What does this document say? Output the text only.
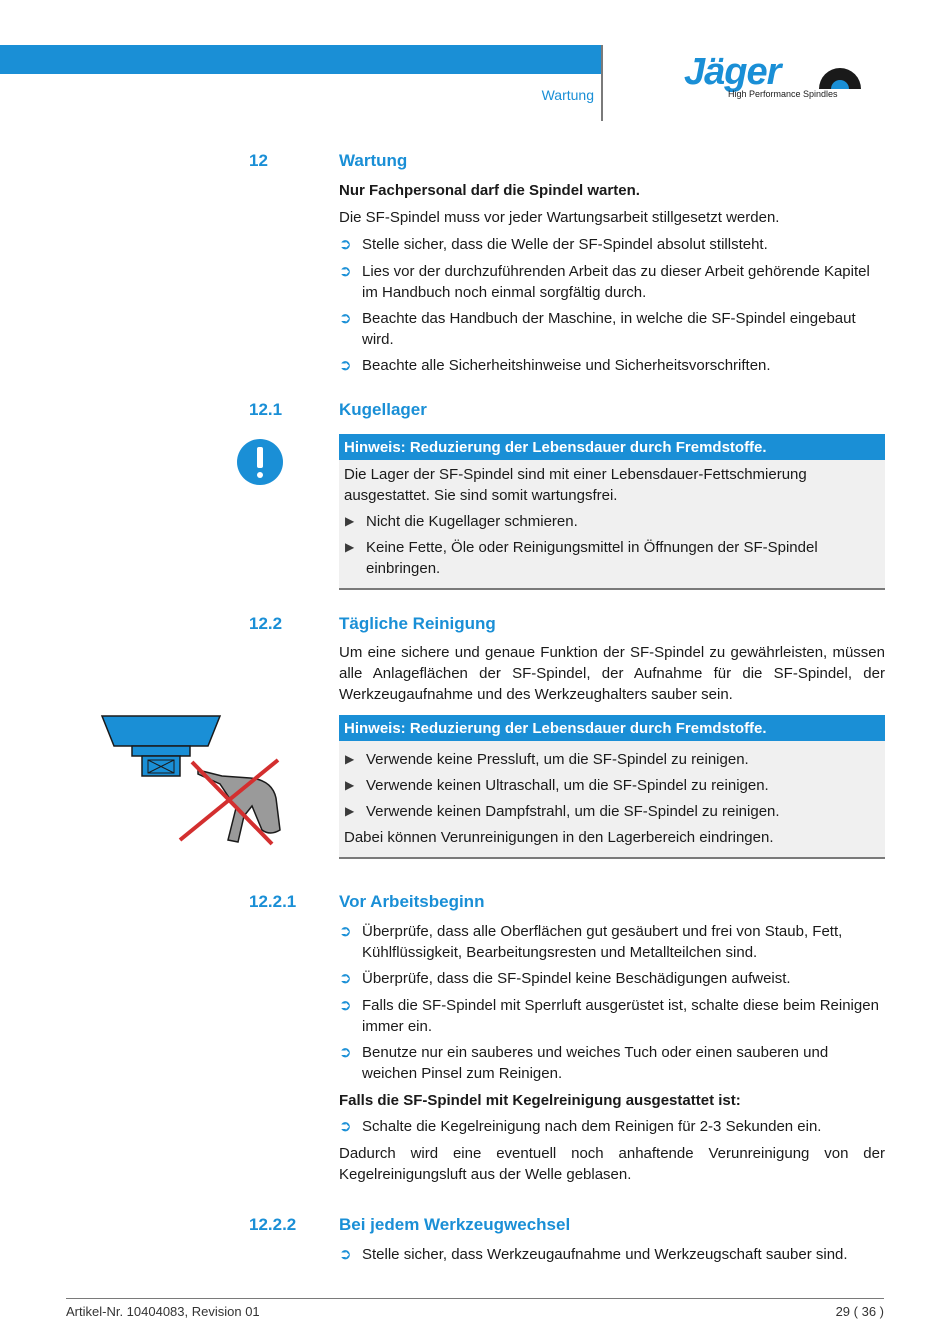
Wartung
Jäger
High Performance Spindles
12	Wartung
Nur Fachpersonal darf die Spindel warten.
Die SF-Spindel muss vor jeder Wartungsarbeit stillgesetzt werden.
➲ Stelle sicher, dass die Welle der SF-Spindel absolut stillsteht.
➲ Lies vor der durchzuführenden Arbeit das zu dieser Arbeit gehörende Kapitel im Handbuch noch einmal sorgfältig durch.
➲ Beachte das Handbuch der Maschine, in welche die SF-Spindel eingebaut wird.
➲ Beachte alle Sicherheitshinweise und Sicherheitsvorschriften.
12.1	Kugellager
Hinweis: Reduzierung der Lebensdauer durch Fremdstoffe.
Die Lager der SF-Spindel sind mit einer Lebensdauer-Fettschmierung ausgestattet. Sie sind somit wartungsfrei.
▶ Nicht die Kugellager schmieren.
▶ Keine Fette, Öle oder Reinigungsmittel in Öffnungen der SF-Spindel einbringen.
12.2	Tägliche Reinigung
Um eine sichere und genaue Funktion der SF-Spindel zu gewährleisten, müssen alle Anlageflächen der SF-Spindel, der Aufnahme für die SF-Spindel, der Werkzeugaufnahme und des Werkzeughalters sauber sein.
Hinweis: Reduzierung der Lebensdauer durch Fremdstoffe.
▶ Verwende keine Pressluft, um die SF-Spindel zu reinigen.
▶ Verwende keinen Ultraschall, um die SF-Spindel zu reinigen.
▶ Verwende keinen Dampfstrahl, um die SF-Spindel zu reinigen.
Dabei können Verunreinigungen in den Lagerbereich eindringen.
12.2.1	Vor Arbeitsbeginn
➲ Überprüfe, dass alle Oberflächen gut gesäubert und frei von Staub, Fett, Kühlflüssigkeit, Bearbeitungsresten und Metallteilchen sind.
➲ Überprüfe, dass die SF-Spindel keine Beschädigungen aufweist.
➲ Falls die SF-Spindel mit Sperrluft ausgerüstet ist, schalte diese beim Reinigen immer ein.
➲ Benutze nur ein sauberes und weiches Tuch oder einen sauberen und weichen Pinsel zum Reinigen.
Falls die SF-Spindel mit Kegelreinigung ausgestattet ist:
➲ Schalte die Kegelreinigung nach dem Reinigen für 2-3 Sekunden ein.
Dadurch wird eine eventuell noch anhaftende Verunreinigung von der Kegelreinigungsluft aus der Welle geblasen.
12.2.2	Bei jedem Werkzeugwechsel
➲ Stelle sicher, dass Werkzeugaufnahme und Werkzeugschaft sauber sind.
Artikel-Nr. 10404083, Revision 01	29 ( 36 )
